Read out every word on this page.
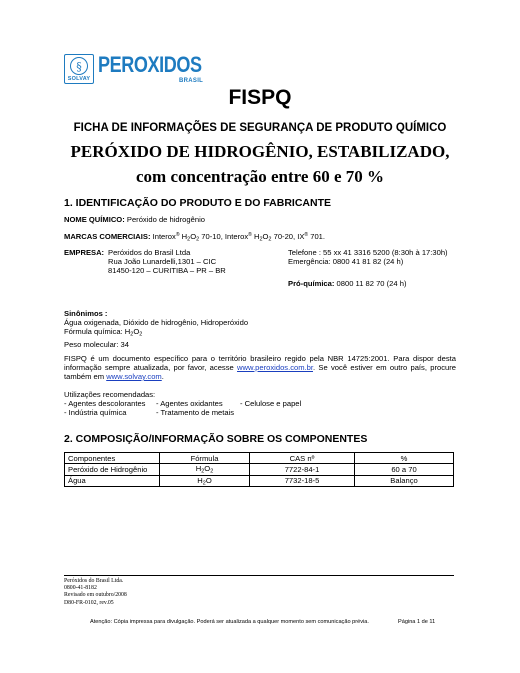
§
SOLVAY
PEROXIDOS
BRASIL
FISPQ
FICHA DE INFORMAÇÕES DE SEGURANÇA DE PRODUTO QUÍMICO
PERÓXIDO DE HIDROGÊNIO, ESTABILIZADO,
com concentração entre 60 e 70 %
1. IDENTIFICAÇÃO DO PRODUTO E DO FABRICANTE
NOME QUÍMICO: Peróxido de hidrogênio
MARCAS COMERCIAIS: Interox® $H_2O_2$ 70-10, Interox® $H_2O_2$ 70-20, IX® 701.
EMPRESA: Peróxidos do Brasil Ltda
Rua João Lunardelli,1301 – CIC
81450-120 – CURITIBA – PR – BR
Telefone : 55 xx 41 3316 5200 (8:30h à 17:30h)
Emergência: 0800 41 81 82 (24 h)
Pró-química: 0800 11 82 70 (24 h)
Sinônimos :
Água oxigenada, Dióxido de hidrogênio, Hidroperóxido
Fórmula química: $H_2O_2$
Peso molecular: 34
FISPQ é um documento específico para o território brasileiro regido pela NBR 14725:2001. Para dispor desta informação sempre atualizada, por favor, acesse www.peroxidos.com.br. Se você estiver em outro país, procure também em www.solvay.com.
Utilizações recomendadas:
- Agentes descolorantes - Agentes oxidantes - Celulose e papel
- Indústria química	- Tratamento de metais
2. COMPOSIÇÃO/INFORMAÇÃO SOBRE OS COMPONENTES
Componentes	Fórmula	CAS nº	%
Peróxido de Hidrogênio	$H_2O_2$	7722-84-1	60 a 70
Água	$H_2O$	7732-18-5	Balanço
Peróxidos do Brasil Ltda.
0800-41-8182
Revisado em outubro/2008
D80-FR-0102, rev.05
Atenção: Cópia impressa para divulgação. Poderá ser atualizada a qualquer momento sem comunicação prévia.	Página 1 de 11
